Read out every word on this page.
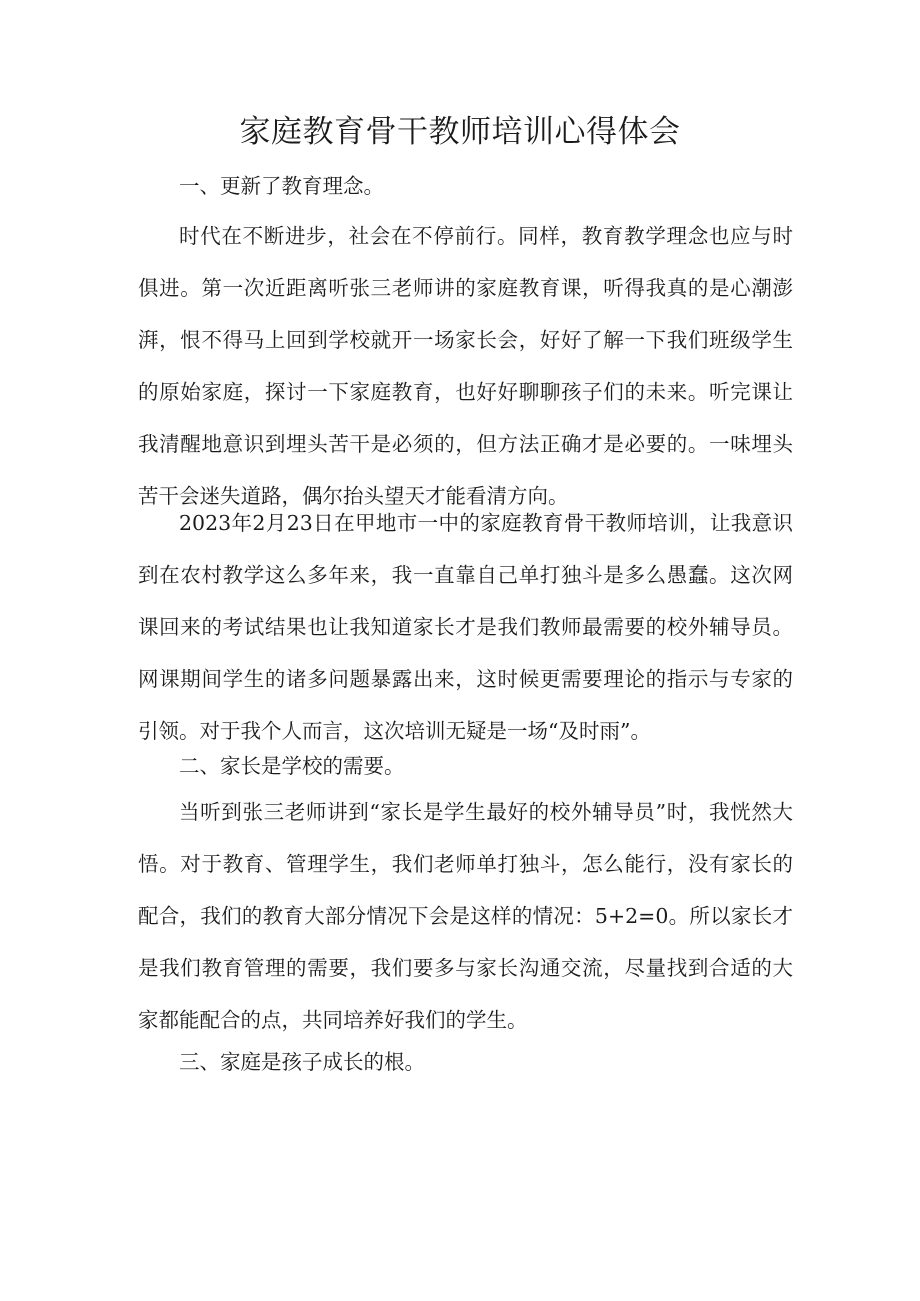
家庭教育骨干教师培训心得体会
一、更新了教育理念。

时代在不断进步，社会在不停前行。同样，教育教学理念也应与时俱进。第一次近距离听张三老师讲的家庭教育课，听得我真的是心潮澎湃，恨不得马上回到学校就开一场家长会，好好了解一下我们班级学生的原始家庭，探讨一下家庭教育，也好好聊聊孩子们的未来。听完课让我清醒地意识到埋头苦干是必须的，但方法正确才是必要的。一味埋头苦干会迷失道路，偶尔抬头望天才能看清方向。

2023年2月23日在甲地市一中的家庭教育骨干教师培训，让我意识到在农村教学这么多年来，我一直靠自己单打独斗是多么愚蠢。这次网课回来的考试结果也让我知道家长才是我们教师最需要的校外辅导员。网课期间学生的诸多问题暴露出来，这时候更需要理论的指示与专家的引领。对于我个人而言，这次培训无疑是一场“及时雨”。

二、家长是学校的需要。

当听到张三老师讲到“家长是学生最好的校外辅导员”时，我恍然大悟。对于教育、管理学生，我们老师单打独斗，怎么能行，没有家长的配合，我们的教育大部分情况下会是这样的情况：5+2=0。所以家长才是我们教育管理的需要，我们要多与家长沟通交流，尽量找到合适的大家都能配合的点，共同培养好我们的学生。

三、家庭是孩子成长的根。
